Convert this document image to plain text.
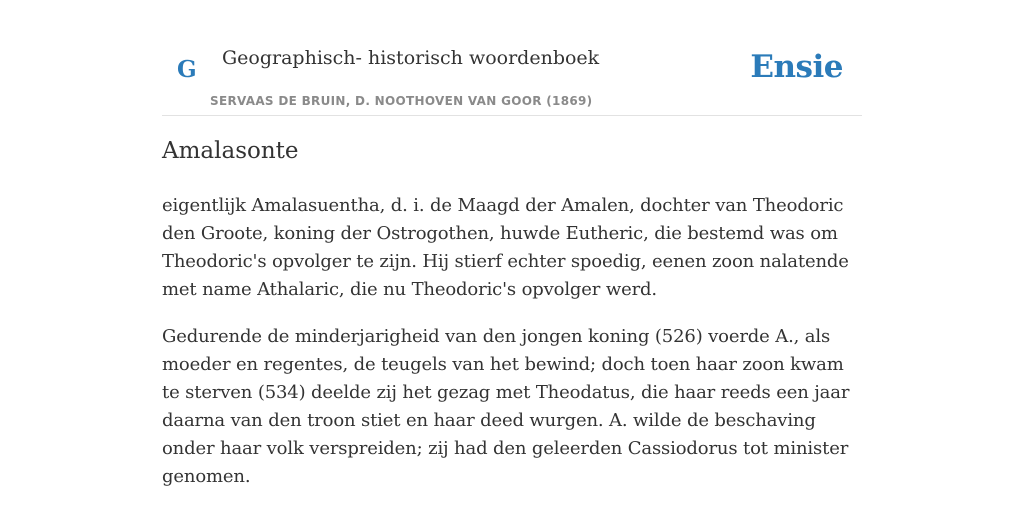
G Geographisch- historisch woordenboek
SERVAAS DE BRUIN, D. NOOTHOVEN VAN GOOR (1869)
Ensie
Amalasonte

eigentlijk Amalasuentha, d. i. de Maagd der Amalen, dochter van Theodoric den Groote, koning der Ostrogothen, huwde Eutheric, die bestemd was om Theodoric's opvolger te zijn. Hij stierf echter spoedig, eenen zoon nalatende met name Athalaric, die nu Theodoric's opvolger werd.

Gedurende de minderjarigheid van den jongen koning (526) voerde A., als moeder en regentes, de teugels van het bewind; doch toen haar zoon kwam te sterven (534) deelde zij het gezag met Theodatus, die haar reeds een jaar daarna van den troon stiet en haar deed wurgen. A. wilde de beschaving onder haar volk verspreiden; zij had den geleerden Cassiodorus tot minister genomen.
